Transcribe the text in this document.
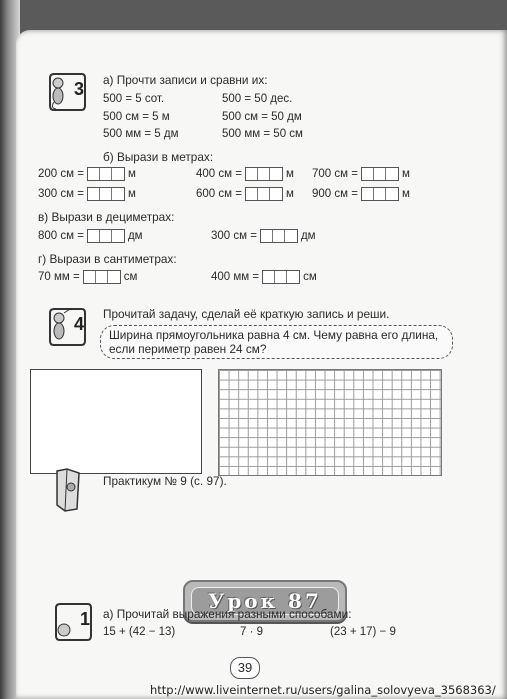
3 а) Прочти записи и сравни их:
500 = 5 сот.	500 = 50 дес.
500 см = 5 м	500 см = 50 дм
500 мм = 5 дм	500 мм = 50 см
б) Вырази в метрах:
200 см =	м	400 см =	м 700 см =	м
300 см =	м	600 см =	м 900 см =	м
в) Вырази в дециметрах:
800 см =	дм	300 см =	дм
г) Вырази в сантиметрах:
70 мм =	см	400 мм =	см
4 Прочитай задачу, сделай её краткую запись и реши.
Ширина прямоугольника равна 4 см. Чему равна его длина,
если периметр равен 24 см?
Практикум № 9 (с. 97).
Урок 87
1 а) Прочитай выражения разными способами:
15 + (42 − 13)	7 · 9	(23 + 17) − 9
39
http://www.liveinternet.ru/users/galina_solovyeva_3568363/
